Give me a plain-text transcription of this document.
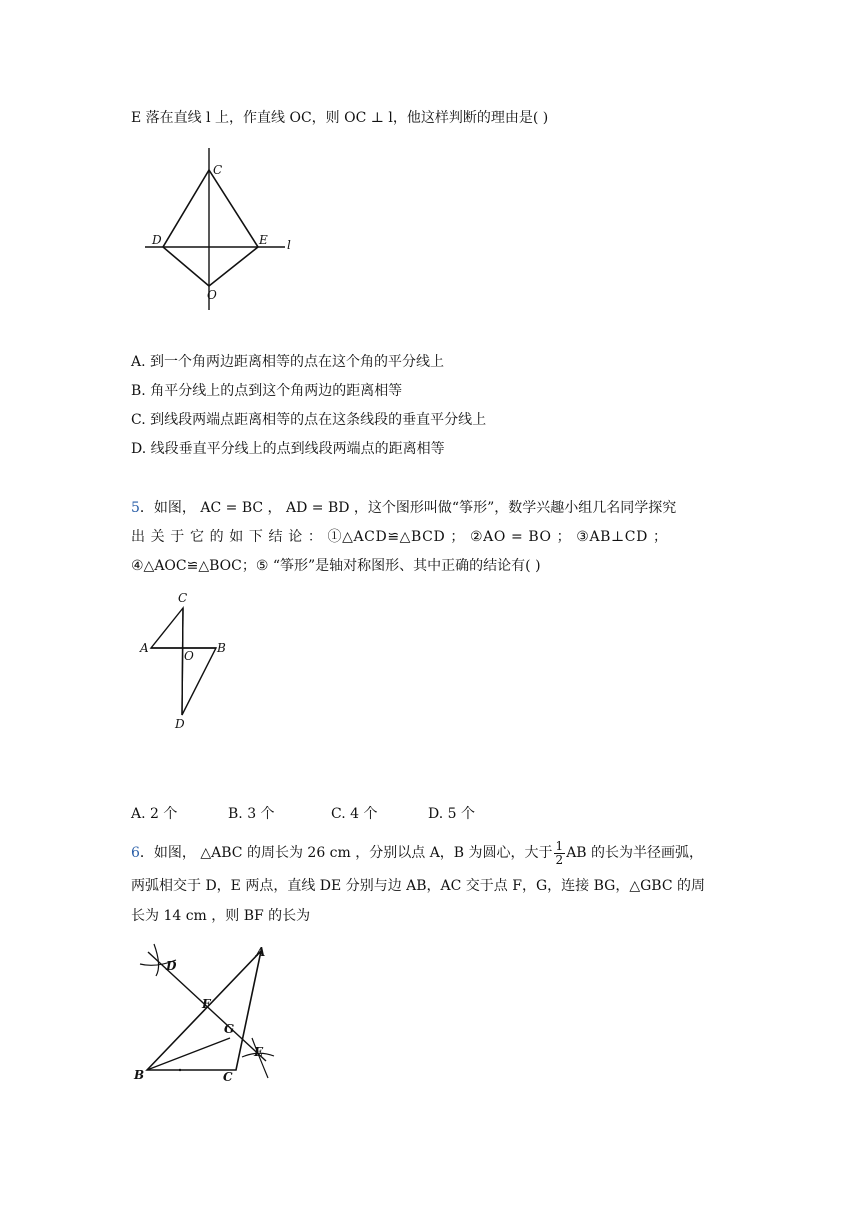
E 落在直线 l 上，作直线 OC，则 OC ⊥ l，他这样判断的理由是( )
C
D	E l
O
A. 到一个角两边距离相等的点在这个角的平分线上
B. 角平分线上的点到这个角两边的距离相等
C. 到线段两端点距离相等的点在这条线段的垂直平分线上
D. 线段垂直平分线上的点到线段两端点的距离相等
5．如图， AC = BC ， AD = BD ，这个图形叫做“筝形”，数学兴趣小组几名同学探究
出 关 于 它 的 如 下 结 论 ： ①△ACD≌△BCD ； ②AO = BO ； ③AB⊥CD ；
④△AOC≌△BOC；⑤ “筝形”是轴对称图形、其中正确的结论有( )
C
A
O
B
D
A. 2 个	B. 3 个	C. 4 个	D. 5 个
6．如图， △ABC 的周长为 26 cm ，分别以点 A，B 为圆心，大于 $\frac{1}{2}$ AB 的长为半径画弧，
两弧相交于 D，E 两点，直线 DE 分别与边 AB，AC 交于点 F，G，连接 BG，△GBC 的周
长为 14 cm ，则 BF 的长为
D
A
F
G
E
B	C
